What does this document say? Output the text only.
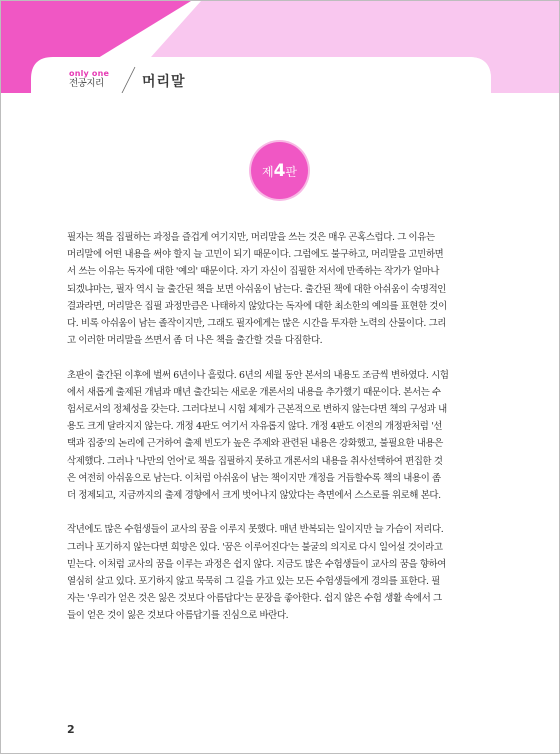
only one
전공지리	머리말
제4판
필자는 책을 집필하는 과정을 즐겁게 여기지만, 머리말을 쓰는 것은 매우 곤혹스럽다. 그 이유는
머리말에 어떤 내용을 써야 할지 늘 고민이 되기 때문이다. 그럼에도 불구하고, 머리말을 고민하면
서 쓰는 이유는 독자에 대한 '예의' 때문이다. 자기 자신이 집필한 저서에 만족하는 작가가 얼마나
되겠냐마는, 필자 역시 늘 출간된 책을 보면 아쉬움이 남는다. 출간된 책에 대한 아쉬움이 숙명적인
결과라면, 머리말은 집필 과정만큼은 나태하지 않았다는 독자에 대한 최소한의 예의를 표현한 것이
다. 비록 아쉬움이 남는 졸작이지만, 그래도 필자에게는 많은 시간을 투자한 노력의 산물이다. 그리
고 이러한 머리말을 쓰면서 좀 더 나은 책을 출간할 것을 다짐한다.
초판이 출간된 이후에 벌써 6년이나 흘렀다. 6년의 세월 동안 본서의 내용도 조금씩 변하였다. 시험
에서 새롭게 출제된 개념과 매년 출간되는 새로운 개론서의 내용을 추가했기 때문이다. 본서는 수
험서로서의 정체성을 갖는다. 그러다보니 시험 체제가 근본적으로 변하지 않는다면 책의 구성과 내
용도 크게 달라지지 않는다. 개정 4판도 여기서 자유롭지 않다. 개정 4판도 이전의 개정판처럼 '선
택과 집중'의 논리에 근거하여 출제 빈도가 높은 주제와 관련된 내용은 강화했고, 불필요한 내용은
삭제했다. 그러나 '나만의 언어'로 책을 집필하지 못하고 개론서의 내용을 취사선택하여 편집한 것
은 여전히 아쉬움으로 남는다. 이처럼 아쉬움이 남는 책이지만 개정을 거듭할수록 책의 내용이 좀
더 정제되고, 지금까지의 출제 경향에서 크게 벗어나지 않았다는 측면에서 스스로를 위로해 본다.
작년에도 많은 수험생들이 교사의 꿈을 이루지 못했다. 매년 반복되는 일이지만 늘 가슴이 저리다.
그러나 포기하지 않는다면 희망은 있다. '꿈은 이루어진다'는 불굴의 의지로 다시 일어설 것이라고
믿는다. 이처럼 교사의 꿈을 이루는 과정은 쉽지 않다. 지금도 많은 수험생들이 교사의 꿈을 향하여
열심히 살고 있다. 포기하지 않고 묵묵히 그 길을 가고 있는 모든 수험생들에게 경의를 표한다. 필
자는 '우리가 얻은 것은 잃은 것보다 아름답다'는 문장을 좋아한다. 쉽지 않은 수험 생활 속에서 그
들이 얻은 것이 잃은 것보다 아름답기를 진심으로 바란다.
2
